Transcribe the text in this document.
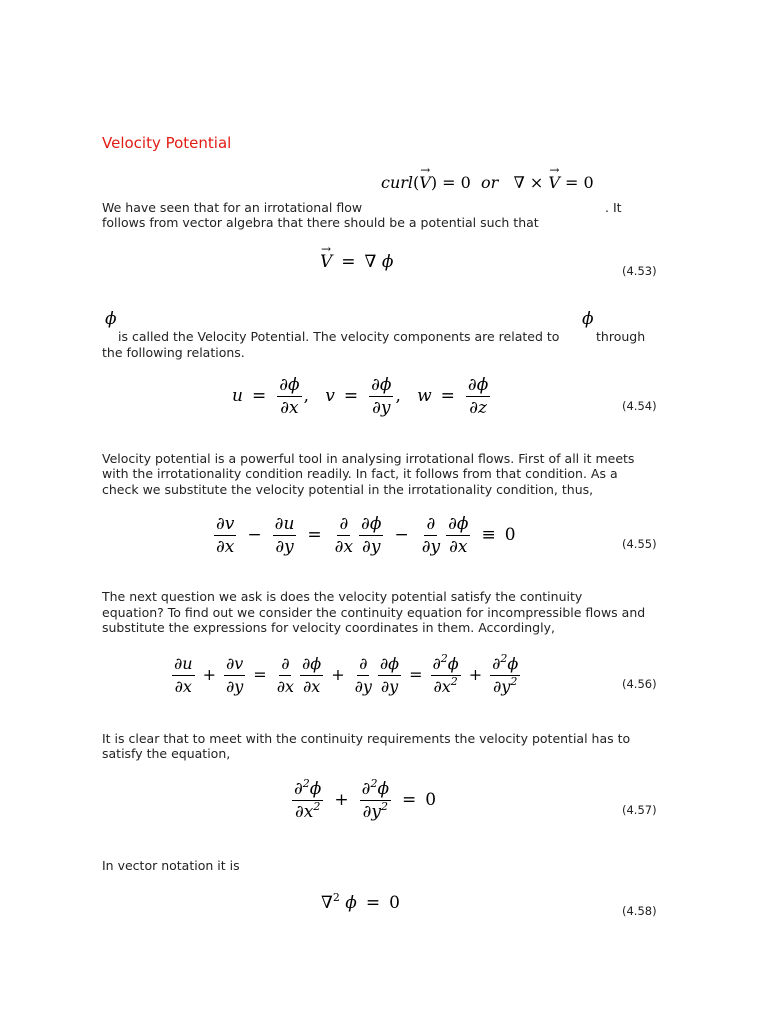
Velocity Potential
curl(→ V) = 0 or   ∇ × → V = 0
We have seen that for an irrotational flow	. It
follows from vector algebra that there should be a potential such that
→ V = ∇ ϕ	(4.53)
ϕ	ϕ
is called the Velocity Potential. The velocity components are related to	through
the following relations.
$u = \frac{\partial\phi}{\partial x}$ ,   $v = \frac{\partial\phi}{\partial y}$ ,   $w = \frac{\partial\phi}{\partial z}$	(4.54)
Velocity potential is a powerful tool in analysing irrotational flows. First of all it meets
with the irrotationality condition readily. In fact, it follows from that condition. As a
check we substitute the velocity potential in the irrotationality condition, thus,
$\frac{\partial v}{\partial x} - \frac{\partial u}{\partial y} = \frac{\partial}{\partial x} \frac{\partial\phi}{\partial y} - \frac{\partial}{\partial y} \frac{\partial\phi}{\partial x} \equiv 0$	(4.55)
The next question we ask is does the velocity potential satisfy the continuity
equation? To find out we consider the continuity equation for incompressible flows and
substitute the expressions for velocity coordinates in them. Accordingly,
$\frac{\partial u}{\partial x} + \frac{\partial v}{\partial y} = \frac{\partial}{\partial x} \frac{\partial\phi}{\partial x} + \frac{\partial}{\partial y} \frac{\partial\phi}{\partial y} = \frac{\partial^2\phi}{\partial x^2} + \frac{\partial^2\phi}{\partial y^2}$	(4.56)
It is clear that to meet with the continuity requirements the velocity potential has to
satisfy the equation,
$\frac{\partial^2\phi}{\partial x^2} + \frac{\partial^2\phi}{\partial y^2} = 0$	(4.57)
In vector notation it is
∇$^2$ ϕ = 0	(4.58)
